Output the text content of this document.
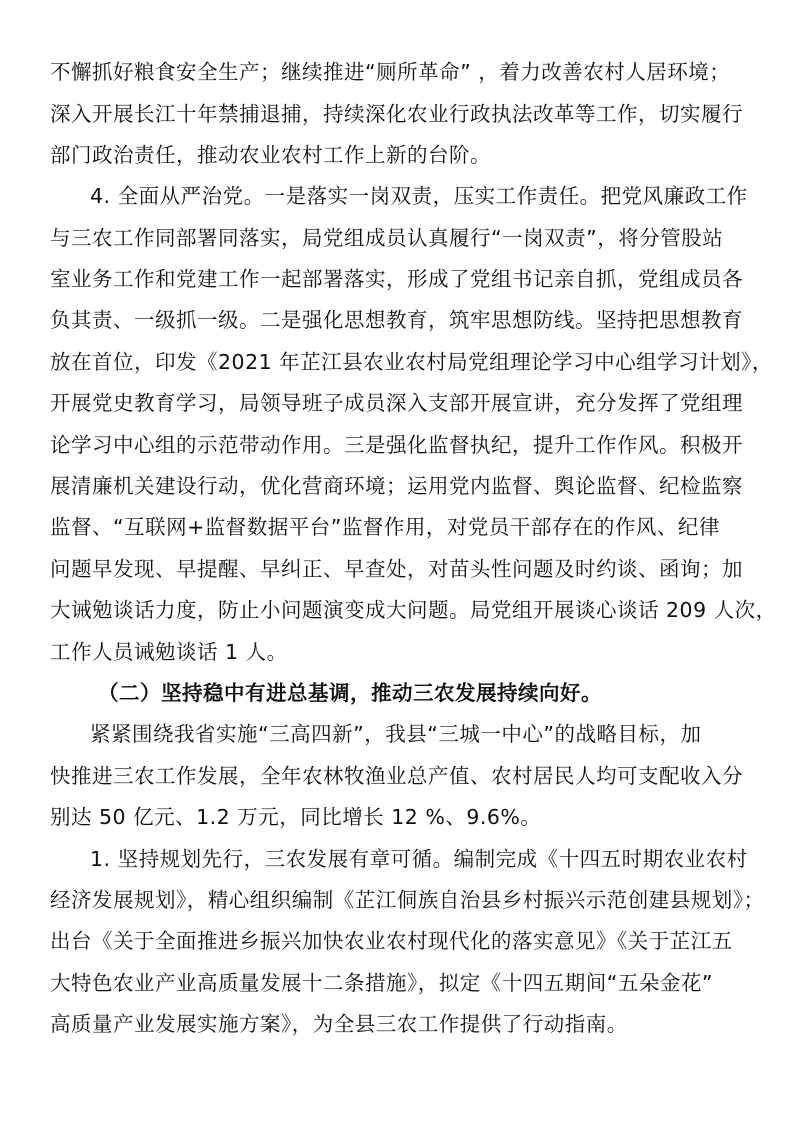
不懈抓好粮食安全生产；继续推进“厕所革命” ，着力改善农村人居环境；
深入开展长江十年禁捕退捕，持续深化农业行政执法改革等工作，切实履行
部门政治责任，推动农业农村工作上新的台阶。
4. 全面从严治党。一是落实一岗双责，压实工作责任。把党风廉政工作
与三农工作同部署同落实，局党组成员认真履行“一岗双责”，将分管股站
室业务工作和党建工作一起部署落实，形成了党组书记亲自抓，党组成员各
负其责、一级抓一级。二是强化思想教育，筑牢思想防线。坚持把思想教育
放在首位，印发《2021 年芷江县农业农村局党组理论学习中心组学习计划》，
开展党史教育学习，局领导班子成员深入支部开展宣讲，充分发挥了党组理
论学习中心组的示范带动作用。三是强化监督执纪，提升工作作风。积极开
展清廉机关建设行动，优化营商环境；运用党内监督、舆论监督、纪检监察
监督、“互联网+监督数据平台”监督作用，对党员干部存在的作风、纪律
问题早发现、早提醒、早纠正、早查处，对苗头性问题及时约谈、函询；加
大诫勉谈话力度，防止小问题演变成大问题。局党组开展谈心谈话 209 人次，
工作人员诫勉谈话 1 人。
（二）坚持稳中有进总基调，推动三农发展持续向好。
紧紧围绕我省实施“三高四新”，我县“三城一中心”的战略目标，加
快推进三农工作发展，全年农林牧渔业总产值、农村居民人均可支配收入分
别达 50 亿元、1.2 万元，同比增长 12 %、9.6%。
1. 坚持规划先行，三农发展有章可循。编制完成《十四五时期农业农村
经济发展规划》，精心组织编制《芷江侗族自治县乡村振兴示范创建县规划》；
出台《关于全面推进乡振兴加快农业农村现代化的落实意见》《关于芷江五
大特色农业产业高质量发展十二条措施》，拟定《十四五期间“五朵金花”
高质量产业发展实施方案》，为全县三农工作提供了行动指南。
